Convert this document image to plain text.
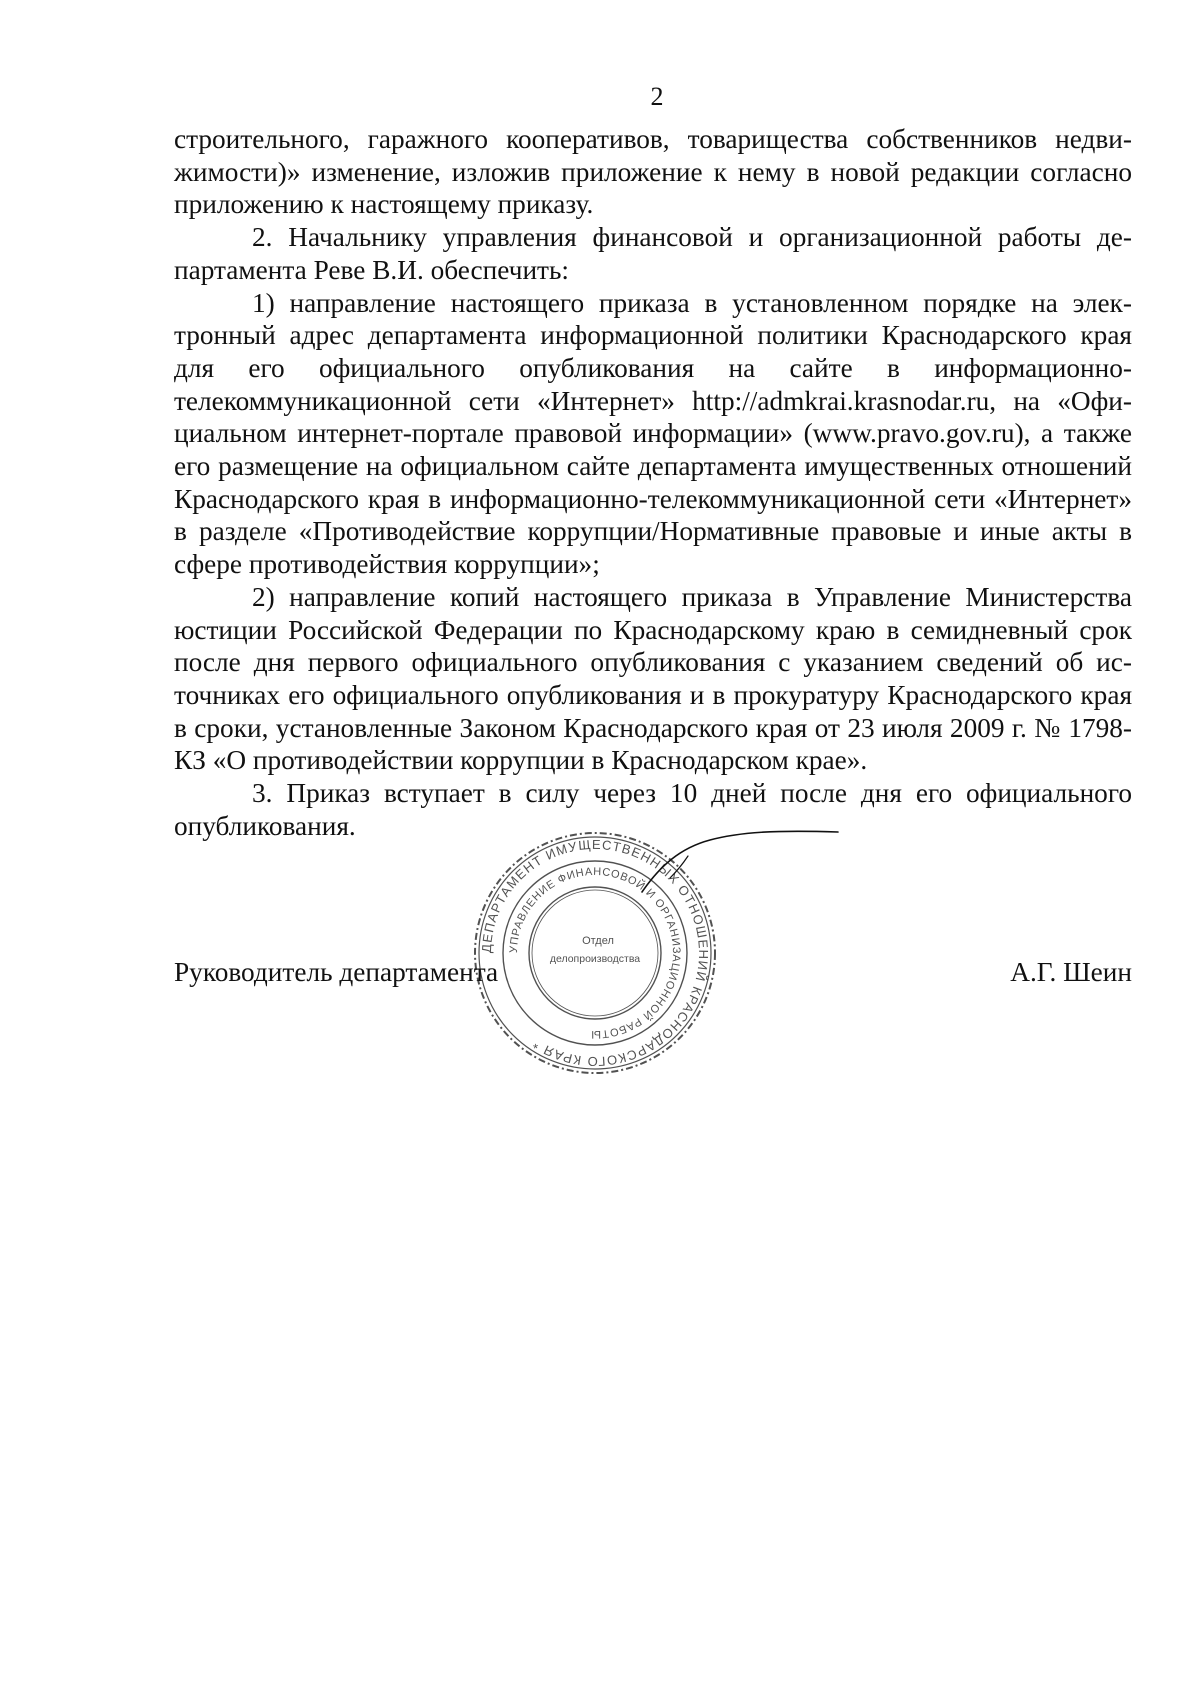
2

строительного, гаражного кооперативов, товарищества собственников недвижимости)» изменение, изложив приложение к нему в новой редакции согласно приложению к настоящему приказу.

2. Начальнику управления финансовой и организационной работы департамента Реве В.И. обеспечить:

1) направление настоящего приказа в установленном порядке на электронный адрес департамента информационной политики Краснодарского края для его официального опубликования на сайте в информационно-телекоммуникационной сети «Интернет» http://admkrai.krasnodar.ru, на «Официальном интернет-портале правовой информации» (www.pravo.gov.ru), а также его размещение на официальном сайте департамента имущественных отношений Краснодарского края в информационно-телекоммуникационной сети «Интернет» в разделе «Противодействие коррупции/Нормативные правовые и иные акты в сфере противодействия коррупции»;

2) направление копий настоящего приказа в Управление Министерства юстиции Российской Федерации по Краснодарскому краю в семидневный срок после дня первого официального опубликования с указанием сведений об источниках его официального опубликования и в прокуратуру Краснодарского края в сроки, установленные Законом Краснодарского края от 23 июля 2009 г. № 1798-КЗ «О противодействии коррупции в Краснодарском крае».

3. Приказ вступает в силу через 10 дней после дня его официального опубликования.

ДЕПАРТАМЕНТ ИМУЩЕСТВЕННЫХ ОТНОШЕНИЙ КРАСНОДАРСКОГО КРАЯ *
УПРАВЛЕНИЕ ФИНАНСОВОЙ И ОРГАНИЗАЦИОННОЙ РАБОТЫ
Отдел
делопроизводства
Руководитель департамента	А.Г. Шеин
